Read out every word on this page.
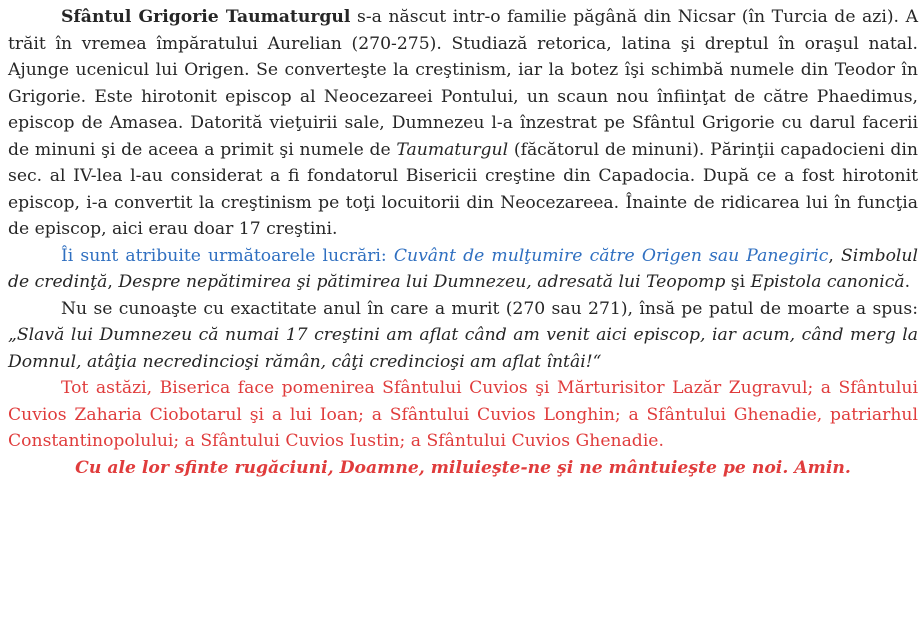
Sfântul Grigorie Taumaturgul s-a născut intr-o familie păgână din Nicsar (în Turcia de azi). A trăit în vremea împăratului Aurelian (270-275). Studiază retorica, latina şi dreptul în oraşul natal. Ajunge ucenicul lui Origen. Se converteşte la creştinism, iar la botez îşi schimbă numele din Teodor în Grigorie. Este hirotonit episcop al Neocezareei Pontului, un scaun nou înfiinţat de către Phaedimus, episcop de Amasea. Datorită vieţuirii sale, Dumnezeu l-a înzestrat pe Sfântul Grigorie cu darul facerii de minuni şi de aceea a primit şi numele de Taumaturgul (făcătorul de minuni). Părinţii capadocieni din sec. al IV-lea l-au considerat a fi fondatorul Bisericii creştine din Capadocia. După ce a fost hirotonit episcop, i-a convertit la creştinism pe toţi locuitorii din Neocezareea. Înainte de ridicarea lui în funcţia de episcop, aici erau doar 17 creştini.

Îi sunt atribuite următoarele lucrări: Cuvânt de mulţumire către Origen sau Panegiric, Simbolul de credinţă, Despre nepătimirea şi pătimirea lui Dumnezeu, adresată lui Teopomp şi Epistola canonică.

Nu se cunoaşte cu exactitate anul în care a murit (270 sau 271), însă pe patul de moarte a spus: „Slavă lui Dumnezeu că numai 17 creştini am aflat când am venit aici episcop, iar acum, când merg la Domnul, atâţia necredincioşi rămân, câţi credincioşi am aflat întâi!“

Tot astăzi, Biserica face pomenirea Sfântului Cuvios şi Mărturisitor Lazăr Zugravul; a Sfântului Cuvios Zaharia Ciobotarul şi a lui Ioan; a Sfântului Cuvios Longhin; a Sfântului Ghenadie, patriarhul Constantinopolului; a Sfântului Cuvios Iustin; a Sfântului Cuvios Ghenadie.

Cu ale lor sfinte rugăciuni, Doamne, miluieşte-ne şi ne mântuieşte pe noi. Amin.
